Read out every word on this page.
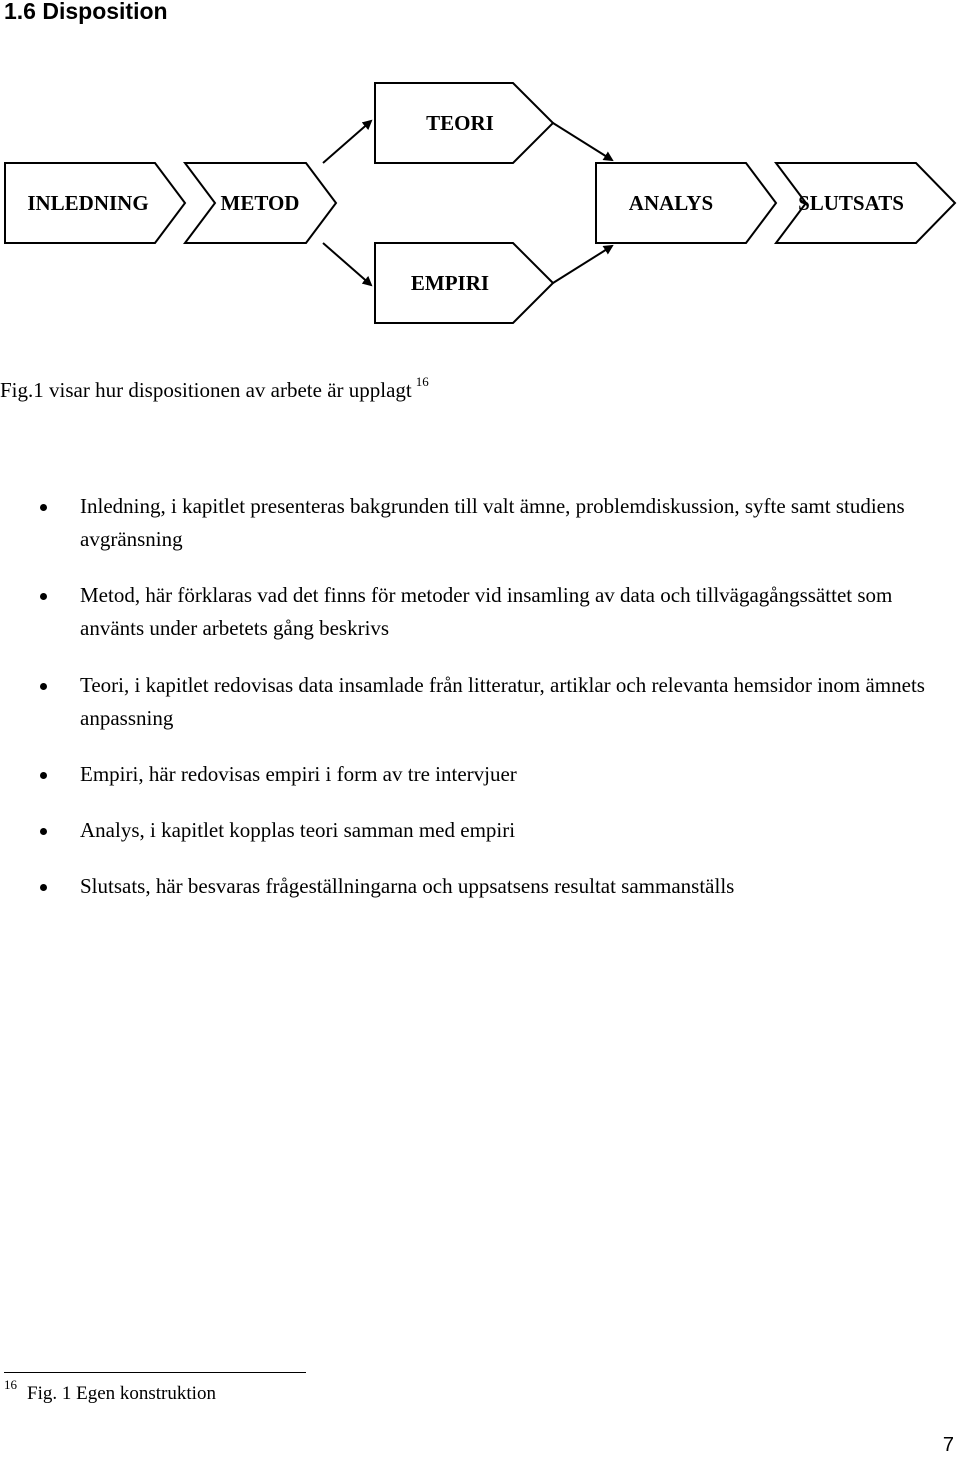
1.6 Disposition
INLEDNING	METOD
TEORI
EMPIRI
ANALYS	SLUTSATS
Fig.1 visar hur dispositionen av arbete är upplagt $^{16}$
Inledning, i kapitlet presenteras bakgrunden till valt ämne, problemdiskussion, syfte samt studiens avgränsning
Metod, här förklaras vad det finns för metoder vid insamling av data och tillvägagångssättet som använts under arbetets gång beskrivs
Teori, i kapitlet redovisas data insamlade från litteratur, artiklar och relevanta hemsidor inom ämnets anpassning
Empiri, här redovisas empiri i form av tre intervjuer
Analys, i kapitlet kopplas teori samman med empiri
Slutsats, här besvaras frågeställningarna och uppsatsens resultat sammanställs
$^{16}$ Fig. 1 Egen konstruktion
7
